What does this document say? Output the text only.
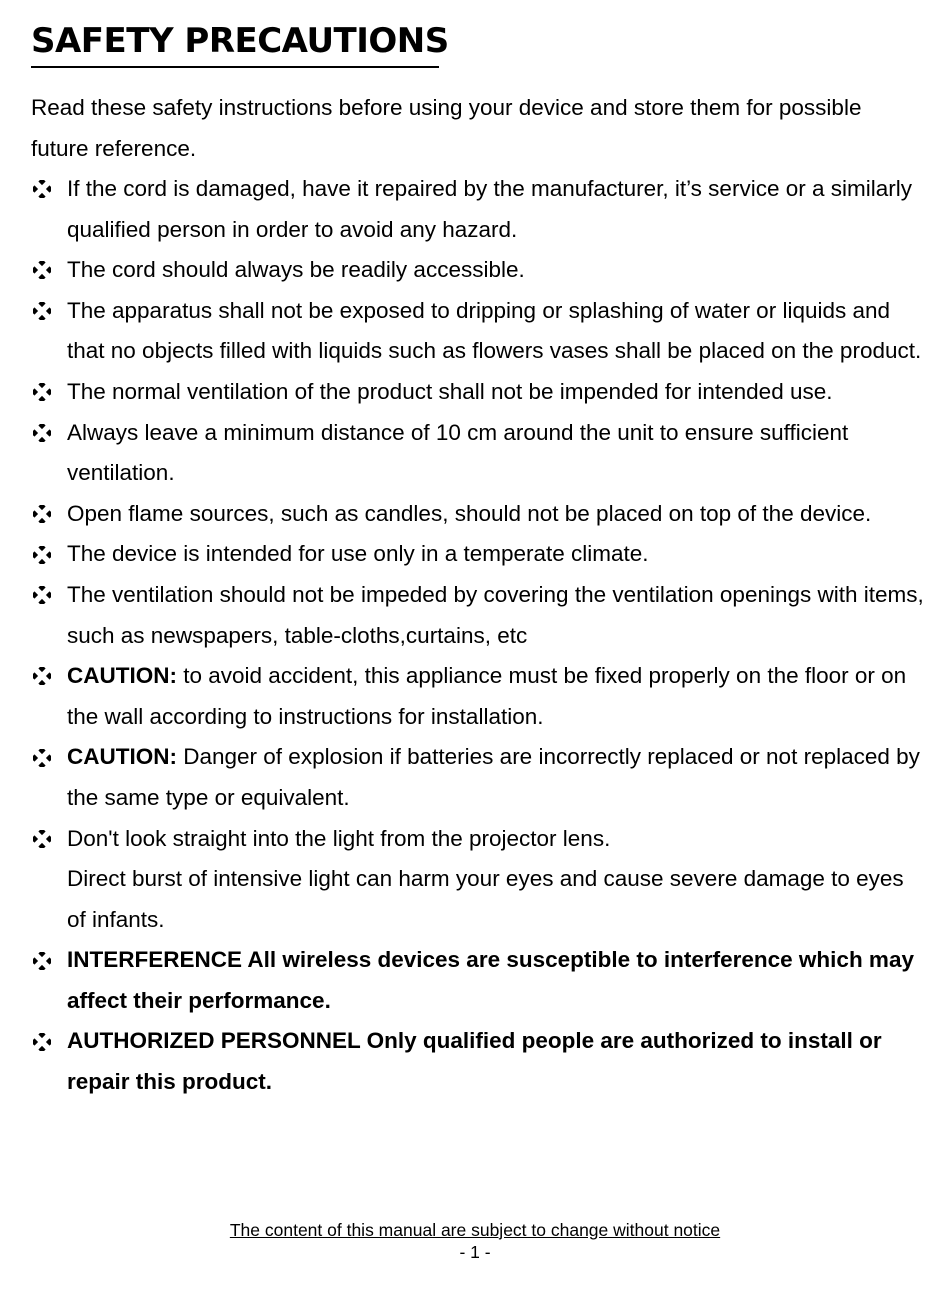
SAFETY PRECAUTIONS
Read these safety instructions before using your device and store them for possible future reference.
If the cord is damaged, have it repaired by the manufacturer, it’s service or a similarly qualified person in order to avoid any hazard.
The cord should always be readily accessible.
The apparatus shall not be exposed to dripping or splashing of water or liquids and that no objects filled with liquids such as flowers vases shall be placed on the product.
The normal ventilation of the product shall not be impended for intended use.
Always leave a minimum distance of 10 cm around the unit to ensure sufficient ventilation.
Open flame sources, such as candles, should not be placed on top of the device.
The device is intended for use only in a temperate climate.
The ventilation should not be impeded by covering the ventilation openings with items, such as newspapers, table-cloths,curtains, etc
CAUTION: to avoid accident, this appliance must be fixed properly on the floor or on the wall according to instructions for installation.
CAUTION: Danger of explosion if batteries are incorrectly replaced or not replaced by the same type or equivalent.
Don't look straight into the light from the projector lens.
Direct burst of intensive light can harm your eyes and cause severe damage to eyes of infants.
INTERFERENCE All wireless devices are susceptible to interference which may affect their performance.
AUTHORIZED PERSONNEL Only qualified people are authorized to install or repair this product.
The content of this manual are subject to change without notice
- 1 -
